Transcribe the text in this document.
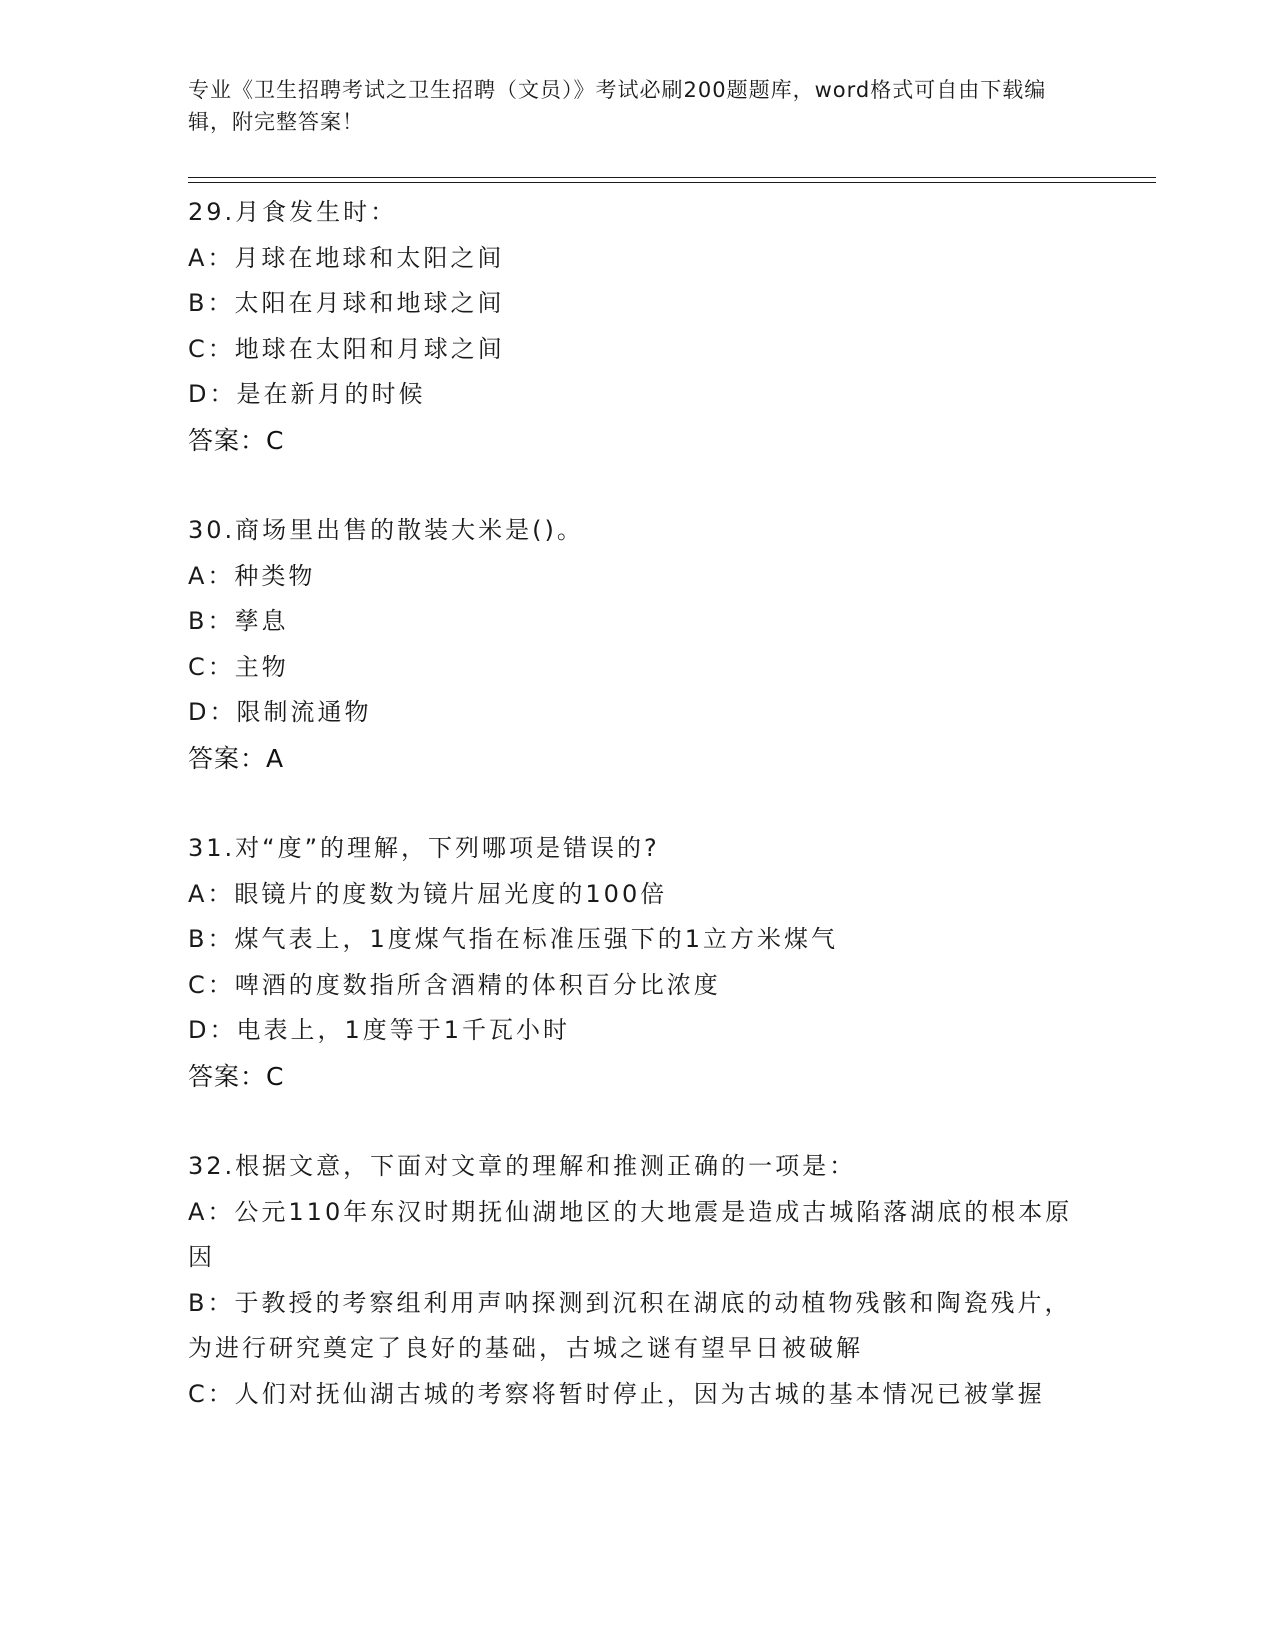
专业《卫生招聘考试之卫生招聘（文员）》考试必刷200题题库，word格式可自由下载编辑，附完整答案！
29.月食发生时：
A：月球在地球和太阳之间
B：太阳在月球和地球之间
C：地球在太阳和月球之间
D：是在新月的时候
答案：C
30.商场里出售的散装大米是()。
A：种类物
B：孳息
C：主物
D：限制流通物
答案：A
31.对“度”的理解，下列哪项是错误的?
A：眼镜片的度数为镜片屈光度的100倍
B：煤气表上，1度煤气指在标准压强下的1立方米煤气
C：啤酒的度数指所含酒精的体积百分比浓度
D：电表上，1度等于1千瓦小时
答案：C
32.根据文意，下面对文章的理解和推测正确的一项是：
A：公元110年东汉时期抚仙湖地区的大地震是造成古城陷落湖底的根本原因
B：于教授的考察组利用声呐探测到沉积在湖底的动植物残骸和陶瓷残片，为进行研究奠定了良好的基础，古城之谜有望早日被破解
C：人们对抚仙湖古城的考察将暂时停止，因为古城的基本情况已被掌握
